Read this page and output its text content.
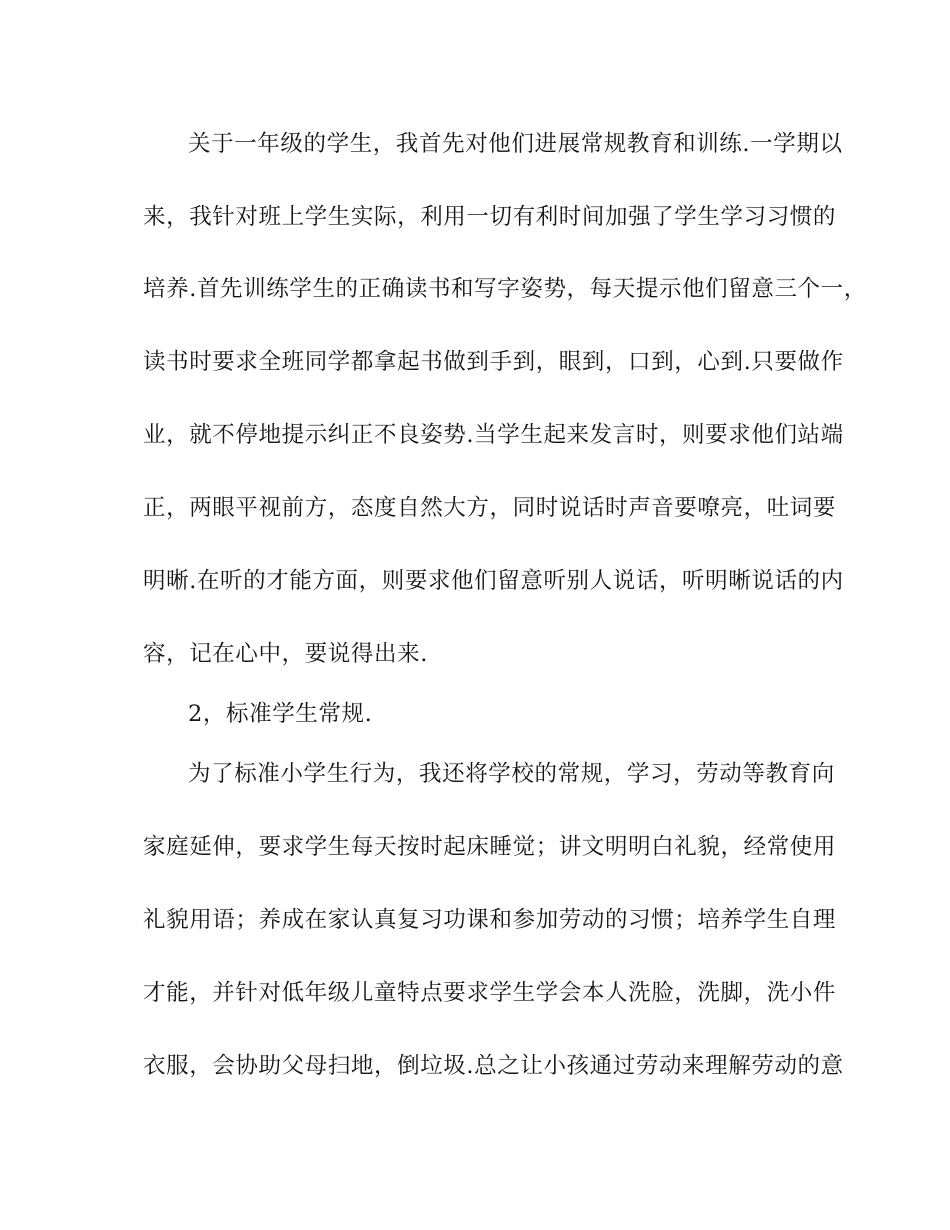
关于一年级的学生，我首先对他们进展常规教育和训练.一学期以

来，我针对班上学生实际，利用一切有利时间加强了学生学习习惯的

培养.首先训练学生的正确读书和写字姿势，每天提示他们留意三个一，

读书时要求全班同学都拿起书做到手到，眼到，口到，心到.只要做作

业，就不停地提示纠正不良姿势.当学生起来发言时，则要求他们站端

正，两眼平视前方，态度自然大方，同时说话时声音要嘹亮，吐词要

明晰.在听的才能方面，则要求他们留意听别人说话，听明晰说话的内

容，记在心中，要说得出来.

2，标准学生常规.

为了标准小学生行为，我还将学校的常规，学习，劳动等教育向

家庭延伸，要求学生每天按时起床睡觉；讲文明明白礼貌，经常使用

礼貌用语；养成在家认真复习功课和参加劳动的习惯；培养学生自理

才能，并针对低年级儿童特点要求学生学会本人洗脸，洗脚，洗小件

衣服，会协助父母扫地，倒垃圾.总之让小孩通过劳动来理解劳动的意
